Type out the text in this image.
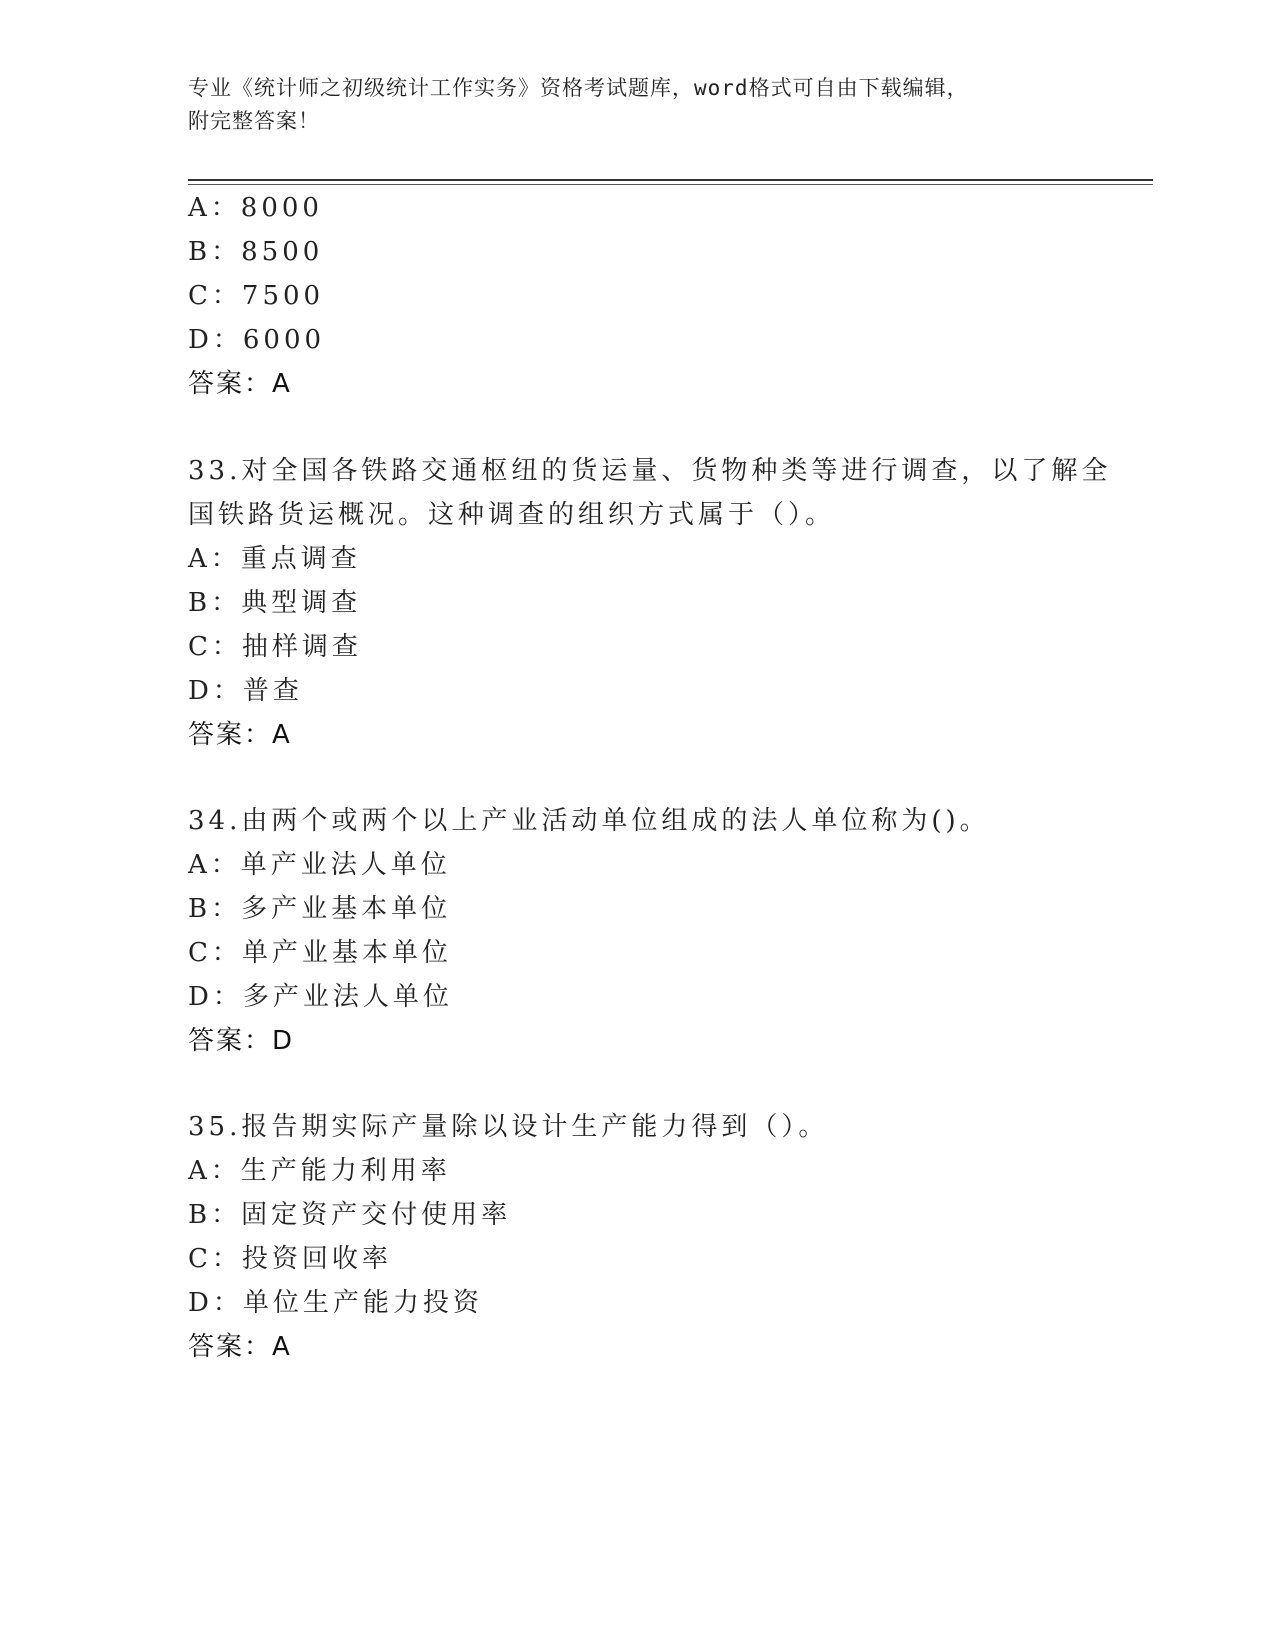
专业《统计师之初级统计工作实务》资格考试题库，word格式可自由下载编辑，
附完整答案！
A：8000
B：8500
C：7500
D：6000
答案：A
33.对全国各铁路交通枢纽的货运量、货物种类等进行调查，以了解全
国铁路货运概况。这种调查的组织方式属于（）。
A：重点调查
B：典型调查
C：抽样调查
D：普查
答案：A
34.由两个或两个以上产业活动单位组成的法人单位称为()。
A：单产业法人单位
B：多产业基本单位
C：单产业基本单位
D：多产业法人单位
答案：D
35.报告期实际产量除以设计生产能力得到（）。
A：生产能力利用率
B：固定资产交付使用率
C：投资回收率
D：单位生产能力投资
答案：A
